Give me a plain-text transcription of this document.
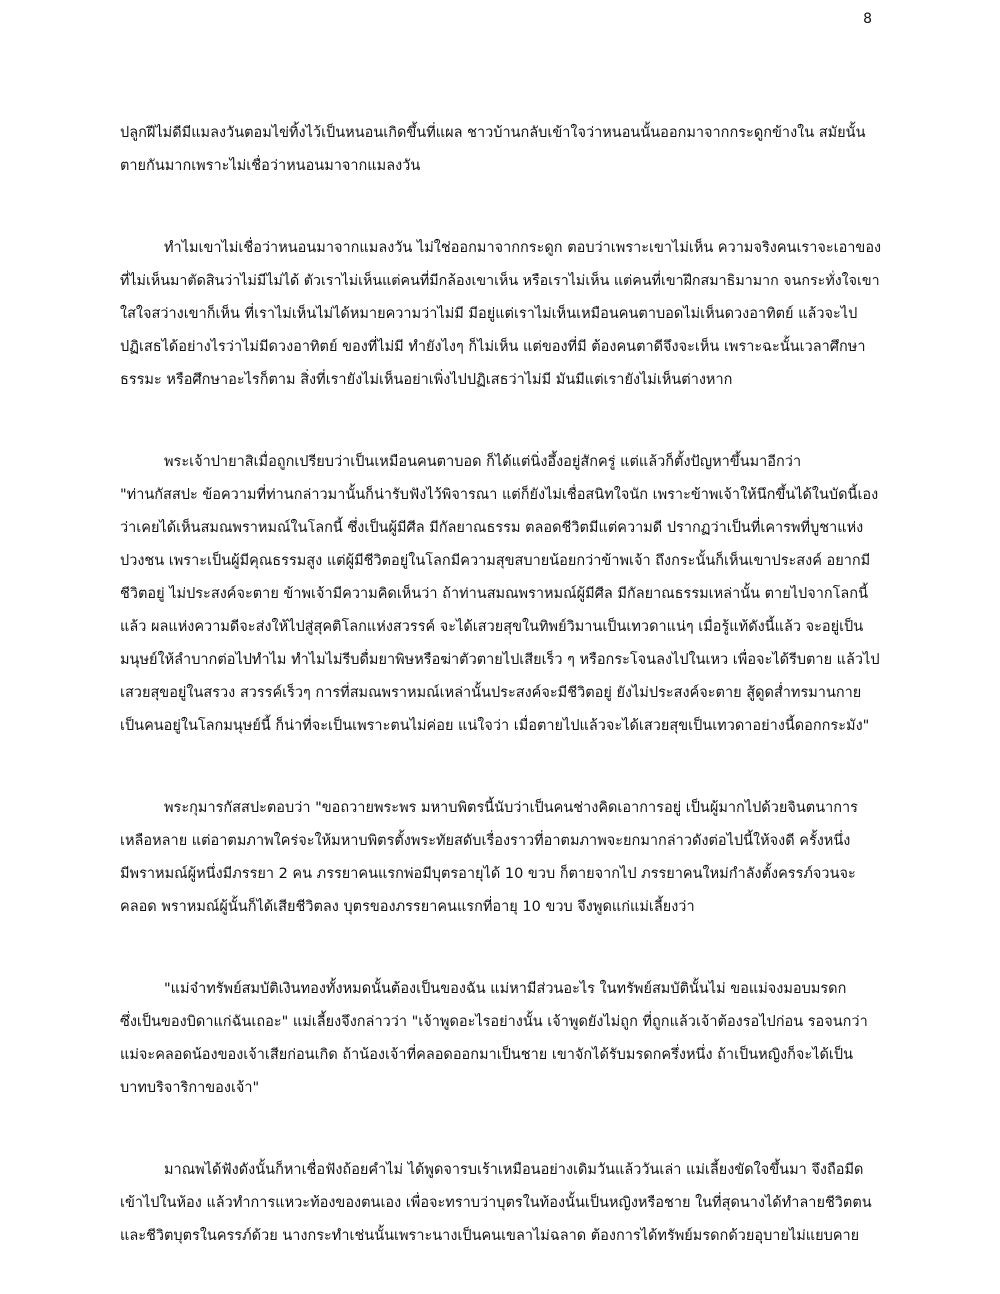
8

ปลูกฝีไม่ดีมีแมลงวันตอมไข่ทิ้งไว้เป็นหนอนเกิดขึ้นที่แผล ชาวบ้านกลับเข้าใจว่าหนอนนั้นออกมาจากกระดูกข้างใน สมัยนั้น
ตายกันมากเพราะไม่เชื่อว่าหนอนมาจากแมลงวัน

ทำไมเขาไม่เชื่อว่าหนอนมาจากแมลงวัน ไม่ใช่ออกมาจากกระดูก ตอบว่าเพราะเขาไม่เห็น ความจริงคนเราจะเอาของ
ที่ไม่เห็นมาตัดสินว่าไม่มีไม่ได้ ตัวเราไม่เห็นแต่คนที่มีกล้องเขาเห็น หรือเราไม่เห็น แต่คนที่เขาฝึกสมาธิมามาก จนกระทั่งใจเขา
ใสใจสว่างเขาก็เห็น ที่เราไม่เห็นไม่ได้หมายความว่าไม่มี มีอยู่แต่เราไม่เห็นเหมือนคนตาบอดไม่เห็นดวงอาทิตย์ แล้วจะไป
ปฏิเสธได้อย่างไรว่าไม่มีดวงอาทิตย์ ของที่ไม่มี ทำยังไงๆ ก็ไม่เห็น แต่ของที่มี ต้องคนตาดีจึงจะเห็น เพราะฉะนั้นเวลาศึกษา
ธรรมะ หรือศึกษาอะไรก็ตาม สิ่งที่เรายังไม่เห็นอย่าเพิ่งไปปฏิเสธว่าไม่มี มันมีแต่เรายังไม่เห็นต่างหาก

พระเจ้าปายาสิเมื่อถูกเปรียบว่าเป็นเหมือนคนตาบอด ก็ได้แต่นิ่งอึ้งอยู่สักครู่ แต่แล้วก็ตั้งปัญหาขึ้นมาอีกว่า
"ท่านกัสสปะ ข้อความที่ท่านกล่าวมานั้นก็น่ารับฟังไว้พิจารณา แต่ก็ยังไม่เชื่อสนิทใจนัก เพราะข้าพเจ้าให้นึกขึ้นได้ในบัดนี้เอง
ว่าเคยได้เห็นสมณพราหมณ์ในโลกนี้ ซึ่งเป็นผู้มีศีล มีกัลยาณธรรม ตลอดชีวิตมีแต่ความดี ปรากฏว่าเป็นที่เคารพที่บูชาแห่ง
ปวงชน เพราะเป็นผู้มีคุณธรรมสูง แต่ผู้มีชีวิตอยู่ในโลกมีความสุขสบายน้อยกว่าข้าพเจ้า ถึงกระนั้นก็เห็นเขาประสงค์ อยากมี
ชีวิตอยู่ ไม่ประสงค์จะตาย ข้าพเจ้ามีความคิดเห็นว่า ถ้าท่านสมณพราหมณ์ผู้มีศีล มีกัลยาณธรรมเหล่านั้น ตายไปจากโลกนี้
แล้ว ผลแห่งความดีจะส่งให้ไปสู่สุคติโลกแห่งสวรรค์ จะได้เสวยสุขในทิพย์วิมานเป็นเทวดาแน่ๆ เมื่อรู้แท้ดังนี้แล้ว จะอยู่เป็น
มนุษย์ให้ลำบากต่อไปทำไม ทำไมไม่รีบดื่มยาพิษหรือฆ่าตัวตายไปเสียเร็ว ๆ หรือกระโจนลงไปในเหว เพื่อจะได้รีบตาย แล้วไป
เสวยสุขอยู่ในสรวง สวรรค์เร็วๆ การที่สมณพราหมณ์เหล่านั้นประสงค์จะมีชีวิตอยู่ ยังไม่ประสงค์จะตาย สู้ดูดส่ำทรมานกาย
เป็นคนอยู่ในโลกมนุษย์นี้ ก็น่าที่จะเป็นเพราะตนไม่ค่อย แน่ใจว่า เมื่อตายไปแล้วจะได้เสวยสุขเป็นเทวดาอย่างนี้ดอกกระมัง"

พระกุมารกัสสปะตอบว่า "ขอถวายพระพร มหาบพิตรนี้นับว่าเป็นคนช่างคิดเอาการอยู่ เป็นผู้มากไปด้วยจินตนาการ
เหลือหลาย แต่อาตมภาพใคร่จะให้มหาบพิตรตั้งพระทัยสดับเรื่องราวที่อาตมภาพจะยกมากล่าวดังต่อไปนี้ให้จงดี ครั้งหนึ่ง
มีพราหมณ์ผู้หนึ่งมีภรรยา 2 คน ภรรยาคนแรกพ่อมีบุตรอายุได้ 10 ขวบ ก็ตายจากไป ภรรยาคนใหม่กำลังตั้งครรภ์จวนจะ
คลอด พราหมณ์ผู้นั้นก็ได้เสียชีวิตลง บุตรของภรรยาคนแรกที่อายุ 10 ขวบ จึงพูดแก่แม่เลี้ยงว่า

"แม่จ๋าทรัพย์สมบัติเงินทองทั้งหมดนั้นต้องเป็นของฉัน แม่หามีส่วนอะไร ในทรัพย์สมบัตินั้นไม่ ขอแม่จงมอบมรดก
ซึ่งเป็นของบิดาแก่ฉันเถอะ" แม่เลี้ยงจึงกล่าวว่า "เจ้าพูดอะไรอย่างนั้น เจ้าพูดยังไม่ถูก ที่ถูกแล้วเจ้าต้องรอไปก่อน รอจนกว่า
แม่จะคลอดน้องของเจ้าเสียก่อนเกิด ถ้าน้องเจ้าที่คลอดออกมาเป็นชาย เขาจักได้รับมรดกครึ่งหนึ่ง ถ้าเป็นหญิงก็จะได้เป็น
บาทบริจาริกาของเจ้า"

มาณพได้ฟังดังนั้นก็หาเชื่อฟังถ้อยคำไม่ ได้พูดจารบเร้าเหมือนอย่างเดิมวันแล้ววันเล่า แม่เลี้ยงขัดใจขึ้นมา จึงถือมีด
เข้าไปในห้อง แล้วทำการแหวะท้องของตนเอง เพื่อจะทราบว่าบุตรในท้องนั้นเป็นหญิงหรือชาย ในที่สุดนางได้ทำลายชีวิตตน
และชีวิตบุตรในครรภ์ด้วย นางกระทำเช่นนั้นเพราะนางเป็นคนเขลาไม่ฉลาด ต้องการได้ทรัพย์มรดกด้วยอุบายไม่แยบคาย
